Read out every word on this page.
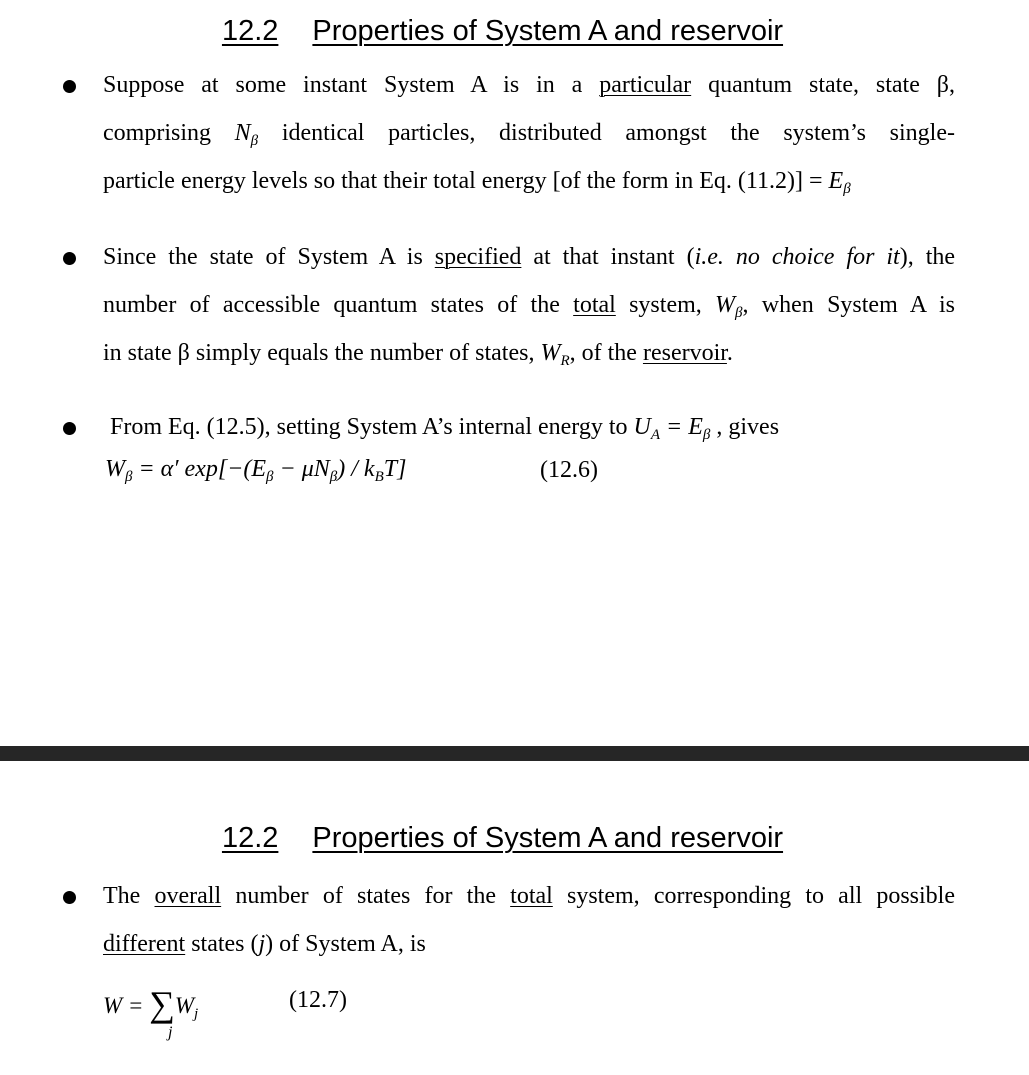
12.2 Properties of System A and reservoir
Suppose at some instant System A is in a particular quantum state, state β,
comprising $N_\beta$ identical particles, distributed amongst the system’s single-
particle energy levels so that their total energy [of the form in Eq. $(11.2)] = E_\beta$
Since the state of System A is specified at that instant (i.e. no choice for it), the
number of accessible quantum states of the total system, $W_\beta$, when System A is
in state β simply equals the number of states, $W_R$, of the reservoir.
From Eq. (12.5), setting System A’s internal energy to $U_A = E_\beta$ , gives
$W_\beta = \alpha'$ $\exp[-(E_\beta - \mu N_\beta) / k_BT]$	(12.6)
12.2 Properties of System A and reservoir
The overall number of states for the total system, corresponding to all possible
different states (j) of System A, is
$W = \sum W_j$
j
(12.7)
